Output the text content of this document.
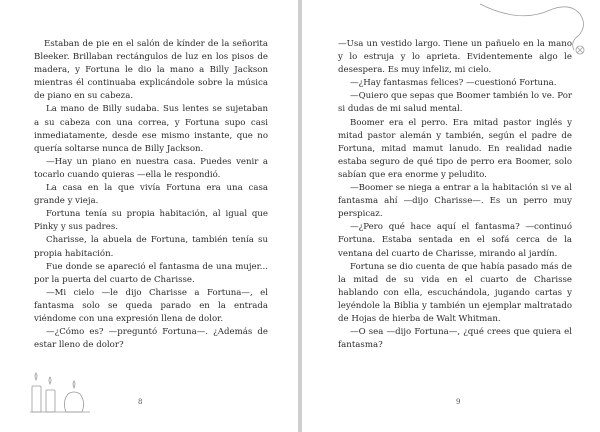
Estaban de pie en el salón de kínder de la señorita Bleeker. Brillaban rectángulos de luz en los pisos de madera, y Fortuna le dio la mano a Billy Jackson mientras él continuaba explicándole sobre la música de piano en su cabeza.

La mano de Billy sudaba. Sus lentes se sujetaban a su cabeza con una correa, y Fortuna supo casi inmediatamente, desde ese mismo instante, que no quería soltarse nunca de Billy Jackson.

—Hay un piano en nuestra casa. Puedes venir a tocarlo cuando quieras —ella le respondió.

La casa en la que vivía Fortuna era una casa grande y vieja.

Fortuna tenía su propia habitación, al igual que Pinky y sus padres.

Charisse, la abuela de Fortuna, también tenía su propia habitación.

Fue donde se apareció el fantasma de una mujer... por la puerta del cuarto de Charisse.

—Mi cielo —le dijo Charisse a Fortuna—, el fantasma solo se queda parado en la entrada viéndome con una expresión llena de dolor.

—¿Cómo es? —preguntó Fortuna—. ¿Además de estar lleno de dolor?

8

—Usa un vestido largo. Tiene un pañuelo en la mano y lo estruja y lo aprieta. Evidentemente algo le desespera. Es muy infeliz, mi cielo.

—¿Hay fantasmas felices? —cuestionó Fortuna.

—Quiero que sepas que Boomer también lo ve. Por si dudas de mi salud mental.

Boomer era el perro. Era mitad pastor inglés y mitad pastor alemán y también, según el padre de Fortuna, mitad mamut lanudo. En realidad nadie estaba seguro de qué tipo de perro era Boomer, solo sabían que era enorme y peludito.

—Boomer se niega a entrar a la habitación si ve al fantasma ahí —dijo Charisse—. Es un perro muy perspicaz.

—¿Pero qué hace aquí el fantasma? —continuó Fortuna. Estaba sentada en el sofá cerca de la ventana del cuarto de Charisse, mirando al jardín.

Fortuna se dio cuenta de que había pasado más de la mitad de su vida en el cuarto de Charisse hablando con ella, escuchándola, jugando cartas y leyéndole la Biblia y también un ejemplar maltratado de Hojas de hierba de Walt Whitman.

—O sea —dijo Fortuna—, ¿qué crees que quiera el fantasma?

9
